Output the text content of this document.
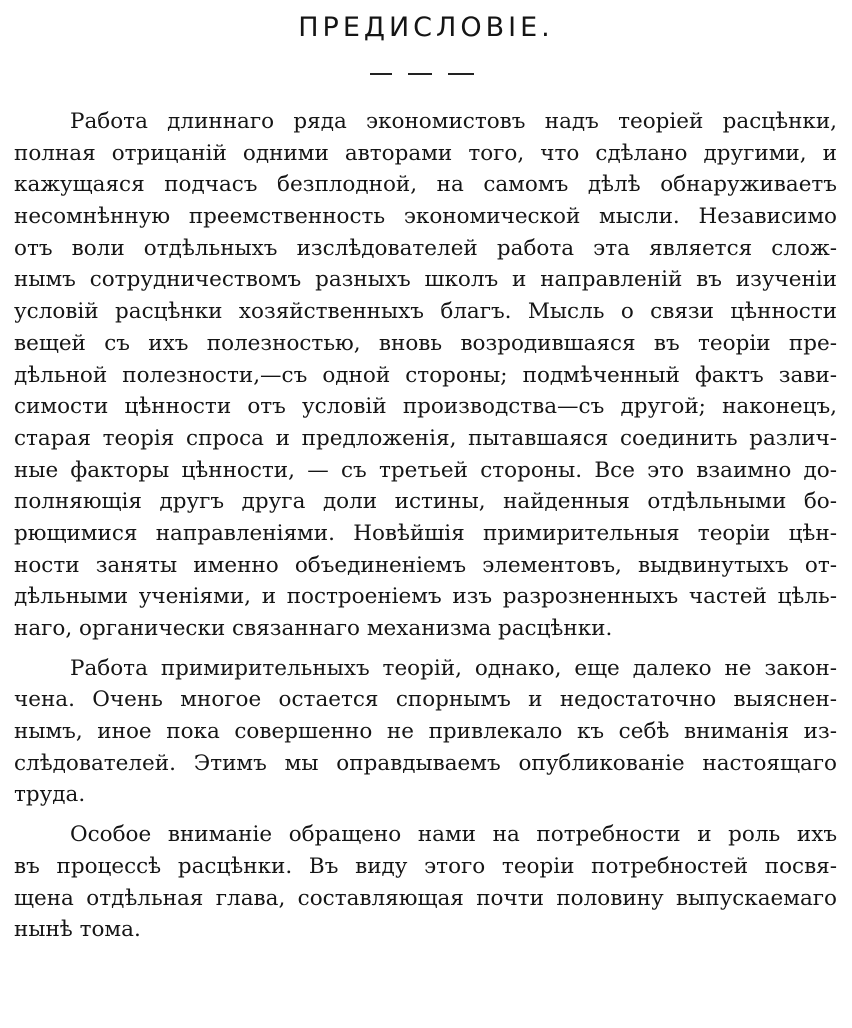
ПРЕДИСЛОВІЕ.
Работа длиннаго ряда экономистовъ надъ теоріей расцѣнки,
полная отрицаній одними авторами того, что сдѣлано другими, и
кажущаяся подчасъ безплодной, на самомъ дѣлѣ обнаруживаетъ
несомнѣнную преемственность экономической мысли. Независимо
отъ воли отдѣльныхъ изслѣдователей работа эта является слож-
нымъ сотрудничествомъ разныхъ школъ и направленій въ изученіи
условій расцѣнки хозяйственныхъ благъ. Мысль о связи цѣнности
вещей съ ихъ полезностью, вновь возродившаяся въ теоріи пре-
дѣльной полезности,—съ одной стороны; подмѣченный фактъ зави-
симости цѣнности отъ условій производства—съ другой; наконецъ,
старая теорія спроса и предложенія, пытавшаяся соединить различ-
ные факторы цѣнности, — съ третьей стороны. Все это взаимно до-
полняющія другъ друга доли истины, найденныя отдѣльными бо-
рющимися направленіями. Новѣйшія примирительныя теоріи цѣн-
ности заняты именно объединеніемъ элементовъ, выдвинутыхъ от-
дѣльными ученіями, и построеніемъ изъ разрозненныхъ частей цѣль-
наго, органически связаннаго механизма расцѣнки.
Работа примирительныхъ теорій, однако, еще далеко не закон-
чена. Очень многое остается спорнымъ и недостаточно выяснен-
нымъ, иное пока совершенно не привлекало къ себѣ вниманія из-
слѣдователей. Этимъ мы оправдываемъ опубликованіе настоящаго
труда.
Особое вниманіе обращено нами на потребности и роль ихъ
въ процессѣ расцѣнки. Въ виду этого теоріи потребностей посвя-
щена отдѣльная глава, составляющая почти половину выпускаемаго
нынѣ тома.
